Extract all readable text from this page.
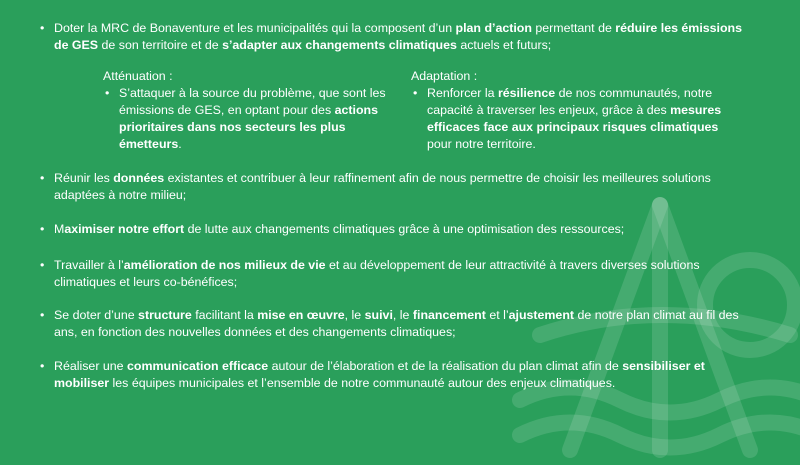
• Doter la MRC de Bonaventure et les municipalités qui la composent d’un plan d’action permettant de réduire les émissions de GES de son territoire et de s’adapter aux changements climatiques actuels et futurs;
Atténuation :
• S’attaquer à la source du problème, que sont les émissions de GES, en optant pour des actions prioritaires dans nos secteurs les plus émetteurs.
Adaptation :
• Renforcer la résilience de nos communautés, notre capacité à traverser les enjeux, grâce à des mesures efficaces face aux principaux risques climatiques pour notre territoire.
• Réunir les données existantes et contribuer à leur raffinement afin de nous permettre de choisir les meilleures solutions adaptées à notre milieu;
• Maximiser notre effort de lutte aux changements climatiques grâce à une optimisation des ressources;
• Travailler à l’amélioration de nos milieux de vie et au développement de leur attractivité à travers diverses solutions climatiques et leurs co-bénéfices;
• Se doter d’une structure facilitant la mise en œuvre, le suivi, le financement et l’ajustement de notre plan climat au fil des ans, en fonction des nouvelles données et des changements climatiques;
• Réaliser une communication efficace autour de l’élaboration et de la réalisation du plan climat afin de sensibiliser et mobiliser les équipes municipales et l’ensemble de notre communauté autour des enjeux climatiques.
